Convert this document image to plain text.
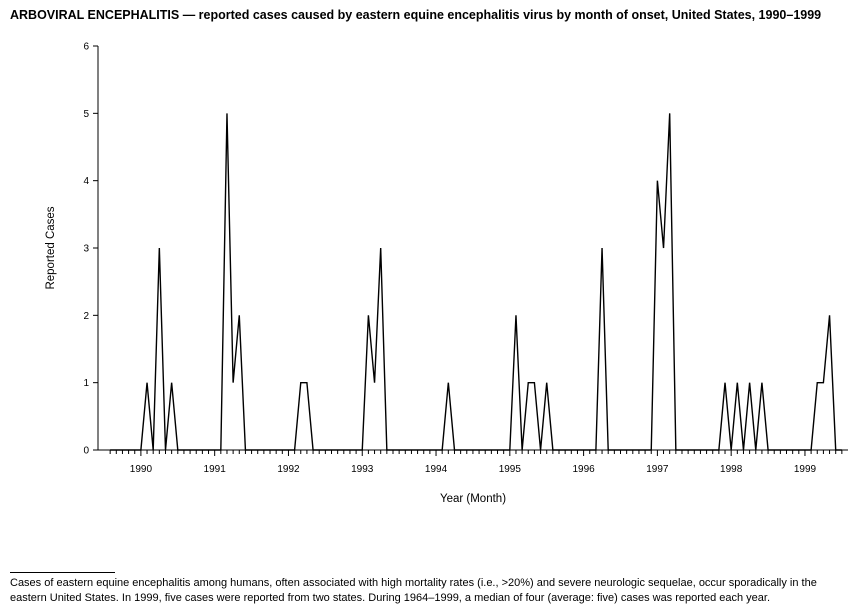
ARBOVIRAL ENCEPHALITIS — reported cases caused by eastern equine encephalitis virus by month of onset, United States, 1990–1999
0
1
2
3
4
5
6
1990	1991	1992	1993	1994	1995	1996	1997	1998	1999
Year (Month)
Reported Cases
Cases of eastern equine encephalitis among humans, often associated with high mortality rates (i.e., >20%) and severe neurologic sequelae, occur sporadically in the eastern United States. In 1999, five cases were reported from two states. During 1964–1999, a median of four (average: five) cases was reported each year.
